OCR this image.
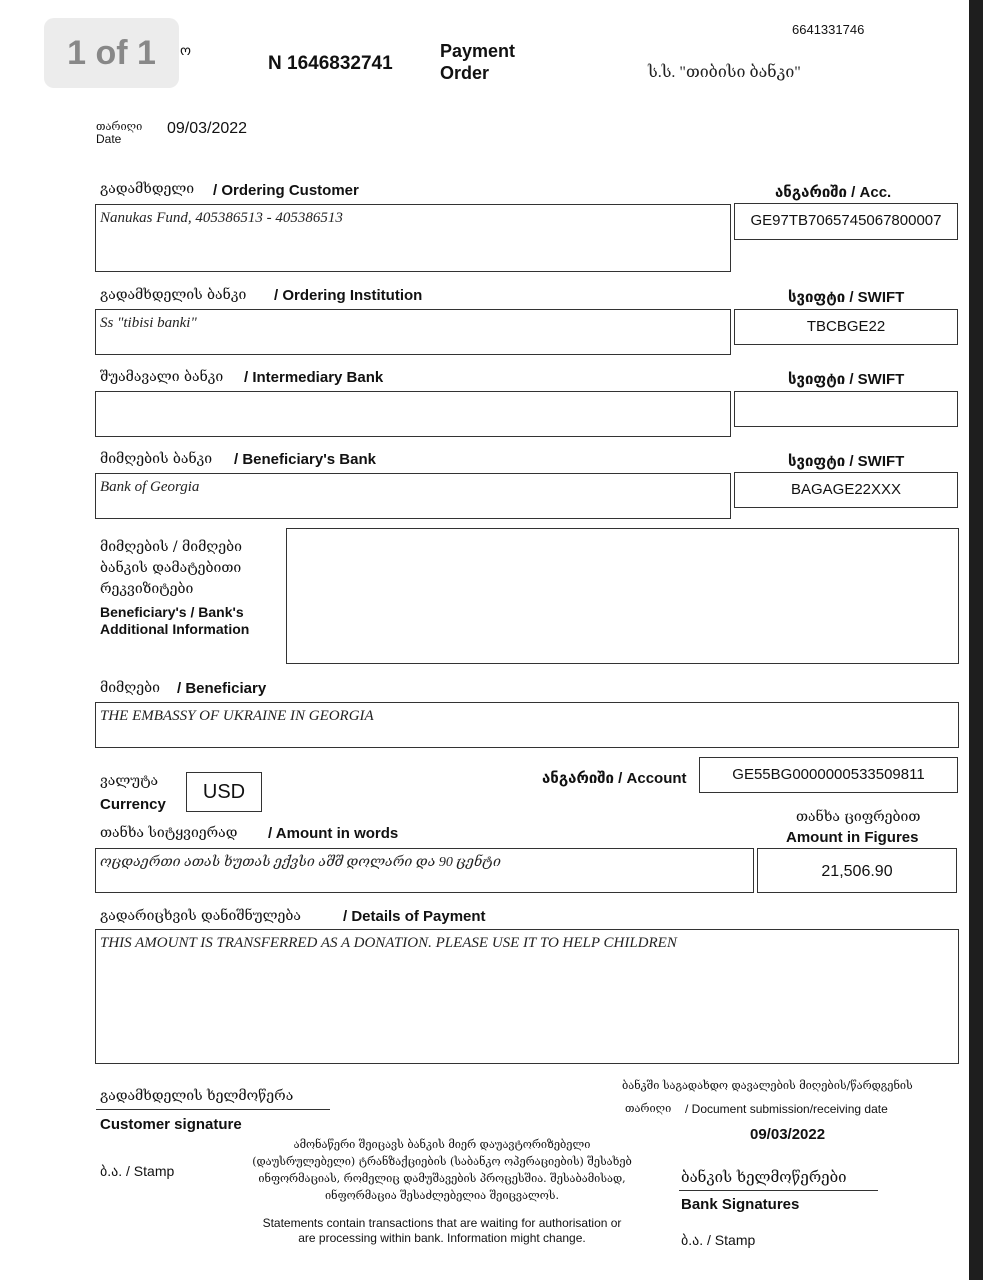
1 of 1	ო
6641331746
N 1646832741
Payment
Order	ს.ს. "თიბისი ბანკი"
თარიღი
Date
09/03/2022
გადამხდელი / Ordering Customer	ანგარიში / Acc.
Nanukas Fund, 405386513 - 405386513	GE97TB7065745067800007
გადამხდელის ბანკი / Ordering Institution	სვიფტი / SWIFT
Ss "tibisi banki"	TBCBGE22
შუამავალი ბანკი / Intermediary Bank	სვიფტი / SWIFT
მიმღების ბანკი / Beneficiary's Bank	სვიფტი / SWIFT
Bank of Georgia	BAGAGE22XXX
მიმღების / მიმღები
ბანკის დამატებითი
რეკვიზიტები
Beneficiary's / Bank's
Additional Information
მიმღები / Beneficiary
THE EMBASSY OF UKRAINE IN GEORGIA
ვალუტა
Currency
USD
ანგარიში / Account	GE55BG0000000533509811
თანხა სიტყვიერად / Amount in words
თანხა ციფრებით
Amount in Figures
ოცდაერთი ათას ხუთას ექვსი აშშ დოლარი და 90 ცენტი
21,506.90
გადარიცხვის დანიშნულება	/ Details of Payment
THIS AMOUNT IS TRANSFERRED AS A DONATION. PLEASE USE IT TO HELP CHILDREN
გადამხდელის ხელმოწერა
Customer signature
ბ.ა. / Stamp
ამონაწერი შეიცავს ბანკის მიერ დაუავტორიზებელი
(დაუსრულებელი) ტრანზაქციების (საბანკო ოპერაციების) შესახებ
ინფორმაციას, რომელიც დამუშავების პროცესშია. შესაბამისად,
ინფორმაცია შესაძლებელია შეიცვალოს.
Statements contain transactions that are waiting for authorisation or
are processing within bank. Information might change.
ბანკში საგადახდო დავალების მიღების/წარდგენის
თარიღი / Document submission/receiving date
09/03/2022
ბანკის ხელმოწერები
Bank Signatures
ბ.ა. / Stamp
